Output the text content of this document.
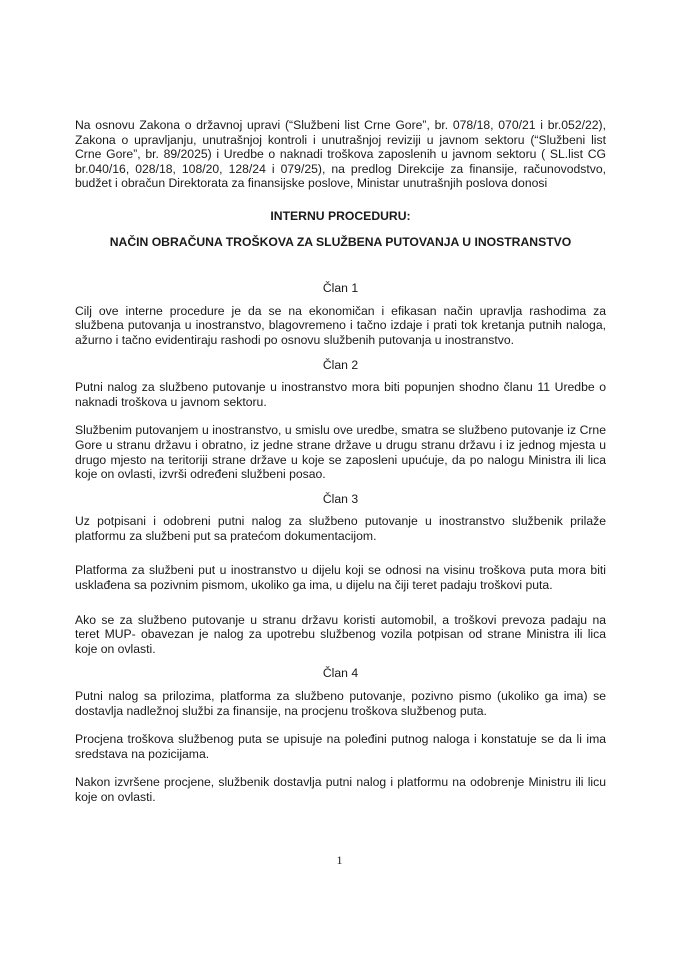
Na osnovu Zakona o državnoj upravi (“Službeni list Crne Gore”, br. 078/18, 070/21 i br.052/22), Zakona o upravljanju, unutrašnjoj kontroli i unutrašnjoj reviziji u javnom sektoru (“Službeni list Crne Gore”, br. 89/2025) i Uredbe o naknadi troškova zaposlenih u javnom sektoru ( SL.list CG br.040/16, 028/18, 108/20, 128/24 i 079/25), na predlog Direkcije za finansije, računovodstvo, budžet i obračun Direktorata za finansijske poslove, Ministar unutrašnjih poslova donosi

INTERNU PROCEDURU:

NAČIN OBRAČUNA TROŠKOVA ZA SLUŽBENA PUTOVANJA U INOSTRANSTVO

Član 1

Cilj ove interne procedure je da se na ekonomičan i efikasan način upravlja rashodima za službena putovanja u inostranstvo, blagovremeno i tačno izdaje i prati tok kretanja putnih naloga, ažurno i tačno evidentiraju rashodi po osnovu službenih putovanja u inostranstvo.

Član 2

Putni nalog za službeno putovanje u inostranstvo mora biti popunjen shodno članu 11 Uredbe o naknadi troškova u javnom sektoru.

Službenim putovanjem u inostranstvo, u smislu ove uredbe, smatra se službeno putovanje iz Crne Gore u stranu državu i obratno, iz jedne strane države u drugu stranu državu i iz jednog mjesta u drugo mjesto na teritoriji strane države u koje se zaposleni upućuje, da po nalogu Ministra ili lica koje on ovlasti, izvrši određeni službeni posao.

Član 3

Uz potpisani i odobreni putni nalog za službeno putovanje u inostranstvo službenik prilaže platformu za službeni put sa pratećom dokumentacijom.

Platforma za službeni put u inostranstvo u dijelu koji se odnosi na visinu troškova puta mora biti usklađena sa pozivnim pismom, ukoliko ga ima, u dijelu na čiji teret padaju troškovi puta.

Ako se za službeno putovanje u stranu državu koristi automobil, a troškovi prevoza padaju na teret MUP- obavezan je nalog za upotrebu službenog vozila potpisan od strane Ministra ili lica koje on ovlasti.

Član 4

Putni nalog sa prilozima, platforma za službeno putovanje, pozivno pismo (ukoliko ga ima) se dostavlja nadležnoj službi za finansije, na procjenu troškova službenog puta.

Procjena troškova službenog puta se upisuje na poleđini putnog naloga i konstatuje se da li ima sredstava na pozicijama.

Nakon izvršene procjene, službenik dostavlja putni nalog i platformu na odobrenje Ministru ili licu koje on ovlasti.

1
